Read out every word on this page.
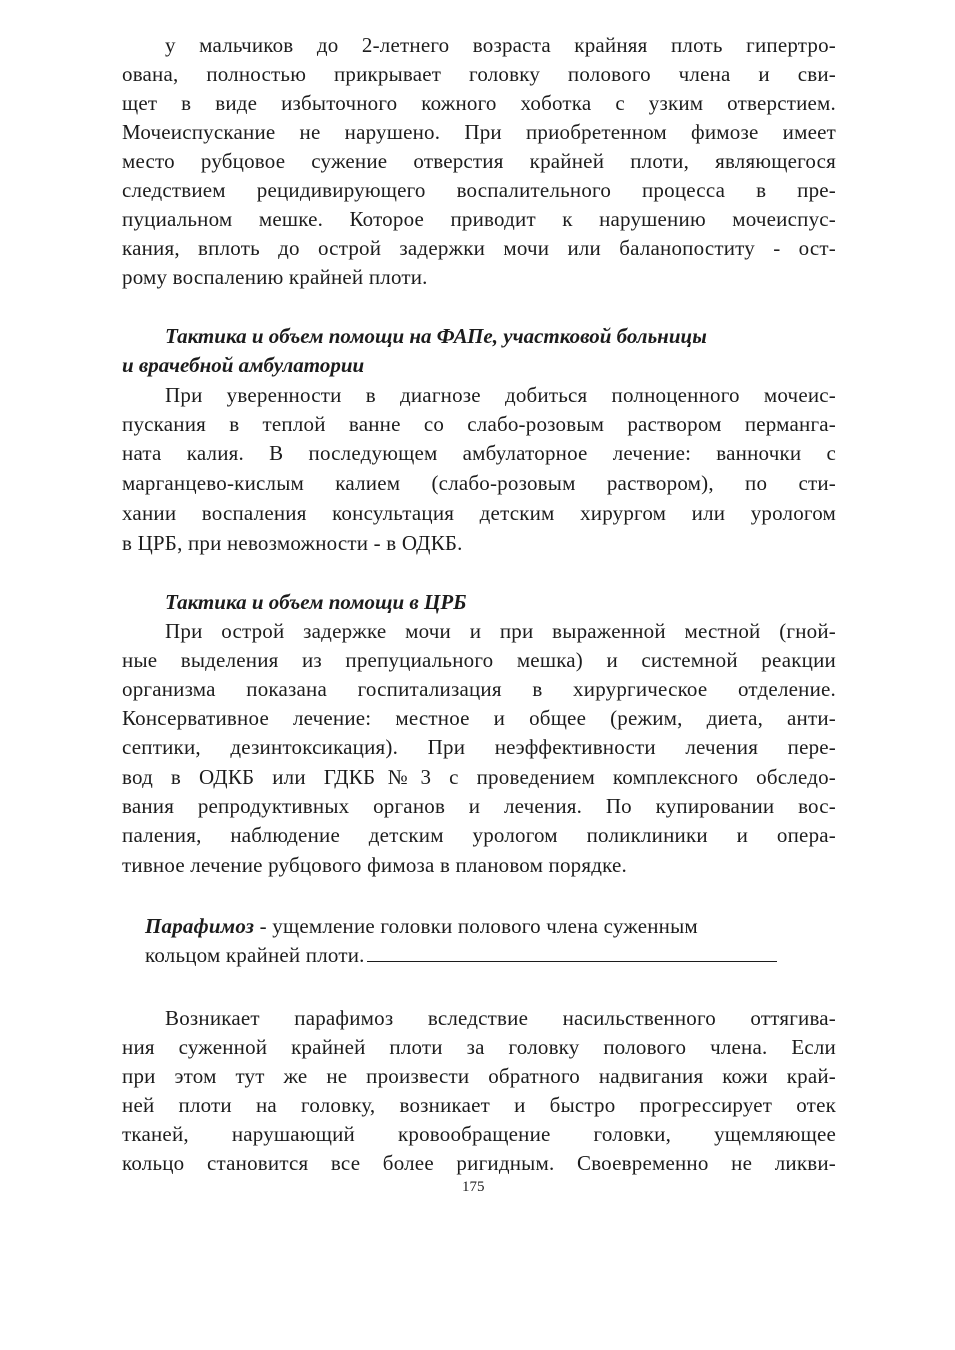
у мальчиков до 2-летнего возраста крайняя плоть гипертро-
ована, полностью прикрывает головку полового члена и сви-
щет в виде избыточного кожного хоботка с узким отверстием.
Мочеиспускание не нарушено. При приобретенном фимозе имеет
место рубцовое сужение отверстия крайней плоти, являющегося
следствием рецидивирующего воспалительного процесса в пре-
пуциальном мешке. Которое приводит к нарушению мочеиспус-
кания, вплоть до острой задержки мочи или баланопоститу - ост-
рому воспалению крайней плоти.
Тактика и объем помощи на ФАПе, участковой больницы
и врачебной амбулатории
При уверенности в диагнозе добиться полноценного мочеис-
пускания в теплой ванне со слабо-розовым раствором перманга-
ната калия. В последующем амбулаторное лечение: ванночки с
марганцево-кислым калием (слабо-розовым раствором), по сти-
хании воспаления консультация детским хирургом или урологом
в ЦРБ, при невозможности - в ОДКБ.
Тактика и объем помощи в ЦРБ
При острой задержке мочи и при выраженной местной (гной-
ные выделения из препуциального мешка) и системной реакции
организма показана госпитализация в хирургическое отделение.
Консервативное лечение: местное и общее (режим, диета, анти-
септики, дезинтоксикация). При неэффективности лечения пере-
вод в ОДКБ или ГДКБ№3 с проведением комплексного обследо-
вания репродуктивных органов и лечения. По купировании вос-
паления, наблюдение детским урологом поликлиники и опера-
тивное лечение рубцового фимоза в плановом порядке.
Парафимоз - ущемление головки полового члена суженным
кольцом крайней плоти.
Возникает парафимоз вследствие насильственного оттягива-
ния суженной крайней плоти за головку полового члена. Если
при этом тут же не произвести обратного надвигания кожи край-
ней плоти на головку, возникает и быстро прогрессирует отек
тканей, нарушающий кровообращение головки, ущемляющее
кольцо становится все более ригидным. Своевременно не ликви-
175
